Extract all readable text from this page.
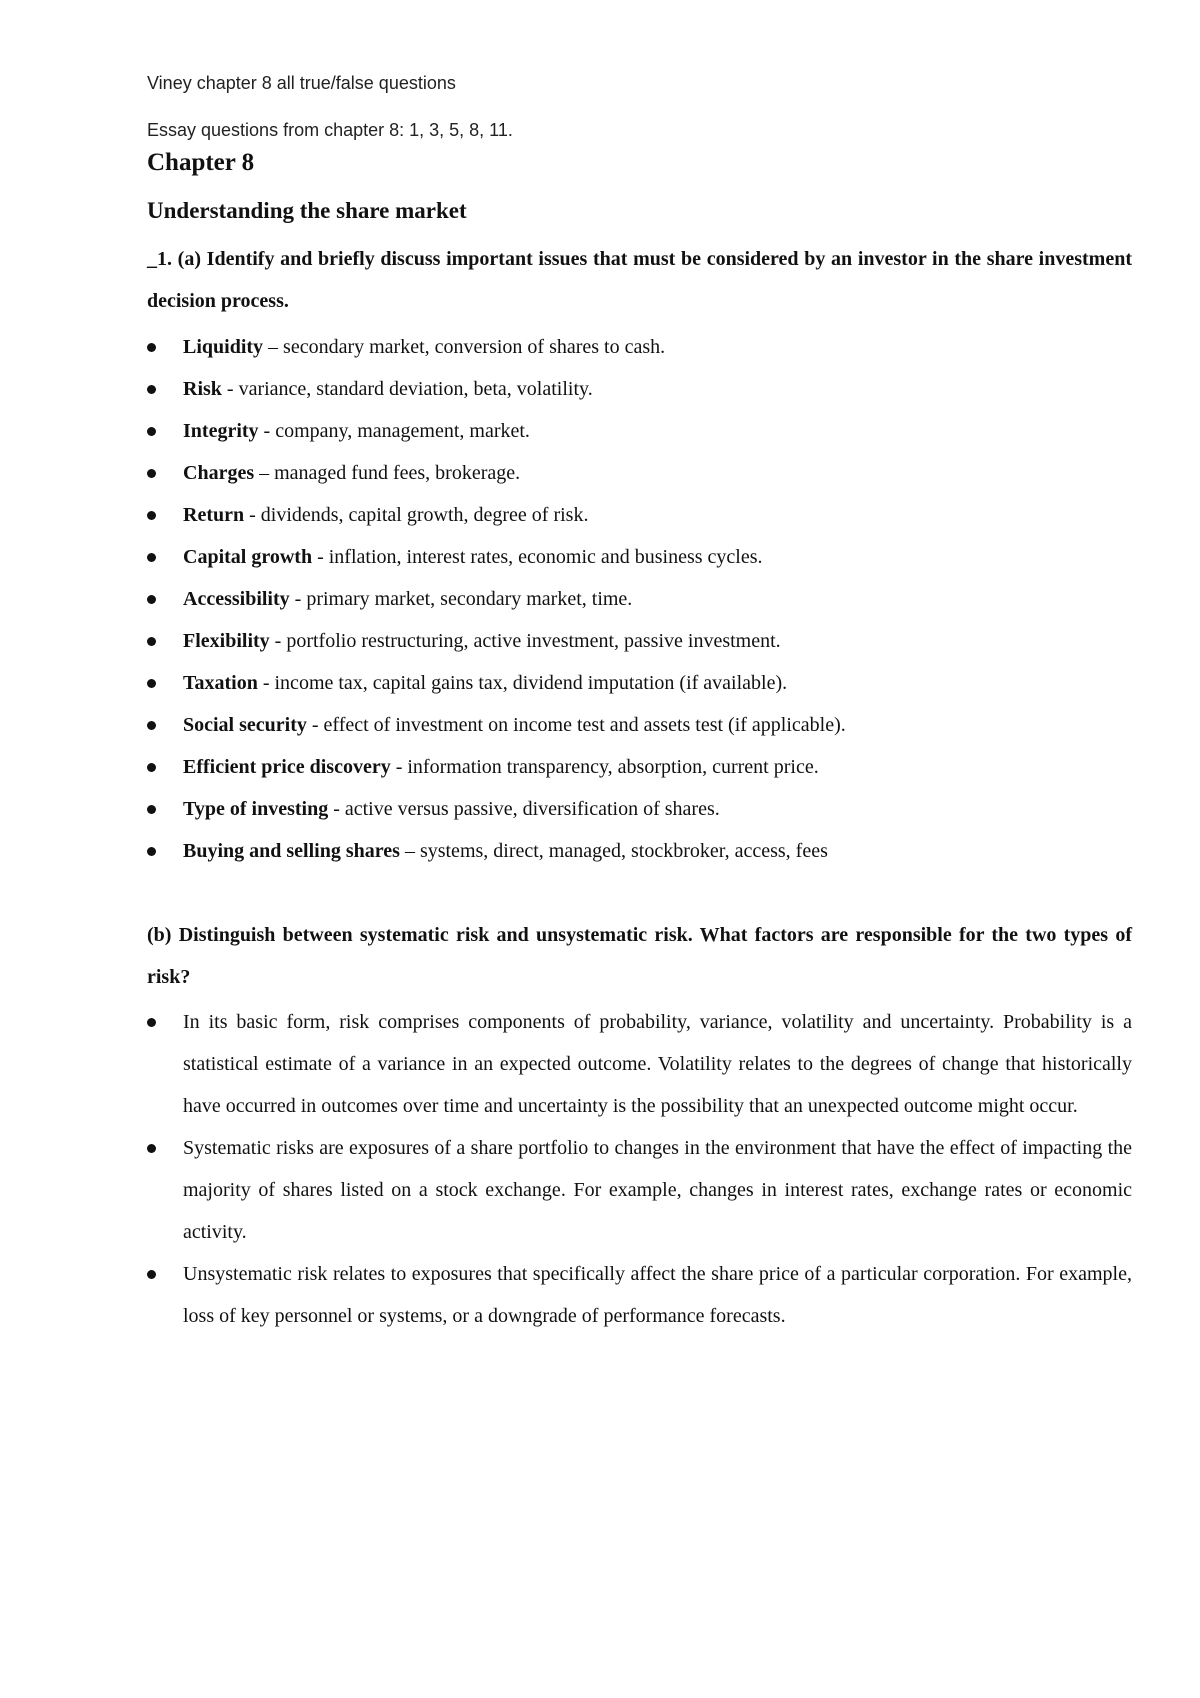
Viney chapter 8 all true/false questions

Essay questions from chapter 8: 1, 3, 5, 8, 11.

Chapter 8
Understanding the share market

_1. (a) Identify and briefly discuss important issues that must be considered by an investor in the share investment decision process.

Liquidity – secondary market, conversion of shares to cash.
Risk - variance, standard deviation, beta, volatility.
Integrity - company, management, market.
Charges – managed fund fees, brokerage.
Return - dividends, capital growth, degree of risk.
Capital growth - inflation, interest rates, economic and business cycles.
Accessibility - primary market, secondary market, time.
Flexibility - portfolio restructuring, active investment, passive investment.
Taxation - income tax, capital gains tax, dividend imputation (if available).
Social security - effect of investment on income test and assets test (if applicable).
Efficient price discovery - information transparency, absorption, current price.
Type of investing - active versus passive, diversification of shares.
Buying and selling shares – systems, direct, managed, stockbroker, access, fees

(b) Distinguish between systematic risk and unsystematic risk. What factors are responsible for the two types of risk?

In its basic form, risk comprises components of probability, variance, volatility and uncertainty. Probability is a statistical estimate of a variance in an expected outcome. Volatility relates to the degrees of change that historically have occurred in outcomes over time and uncertainty is the possibility that an unexpected outcome might occur.
Systematic risks are exposures of a share portfolio to changes in the environment that have the effect of impacting the majority of shares listed on a stock exchange. For example, changes in interest rates, exchange rates or economic activity.
Unsystematic risk relates to exposures that specifically affect the share price of a particular corporation. For example, loss of key personnel or systems, or a downgrade of performance forecasts.
